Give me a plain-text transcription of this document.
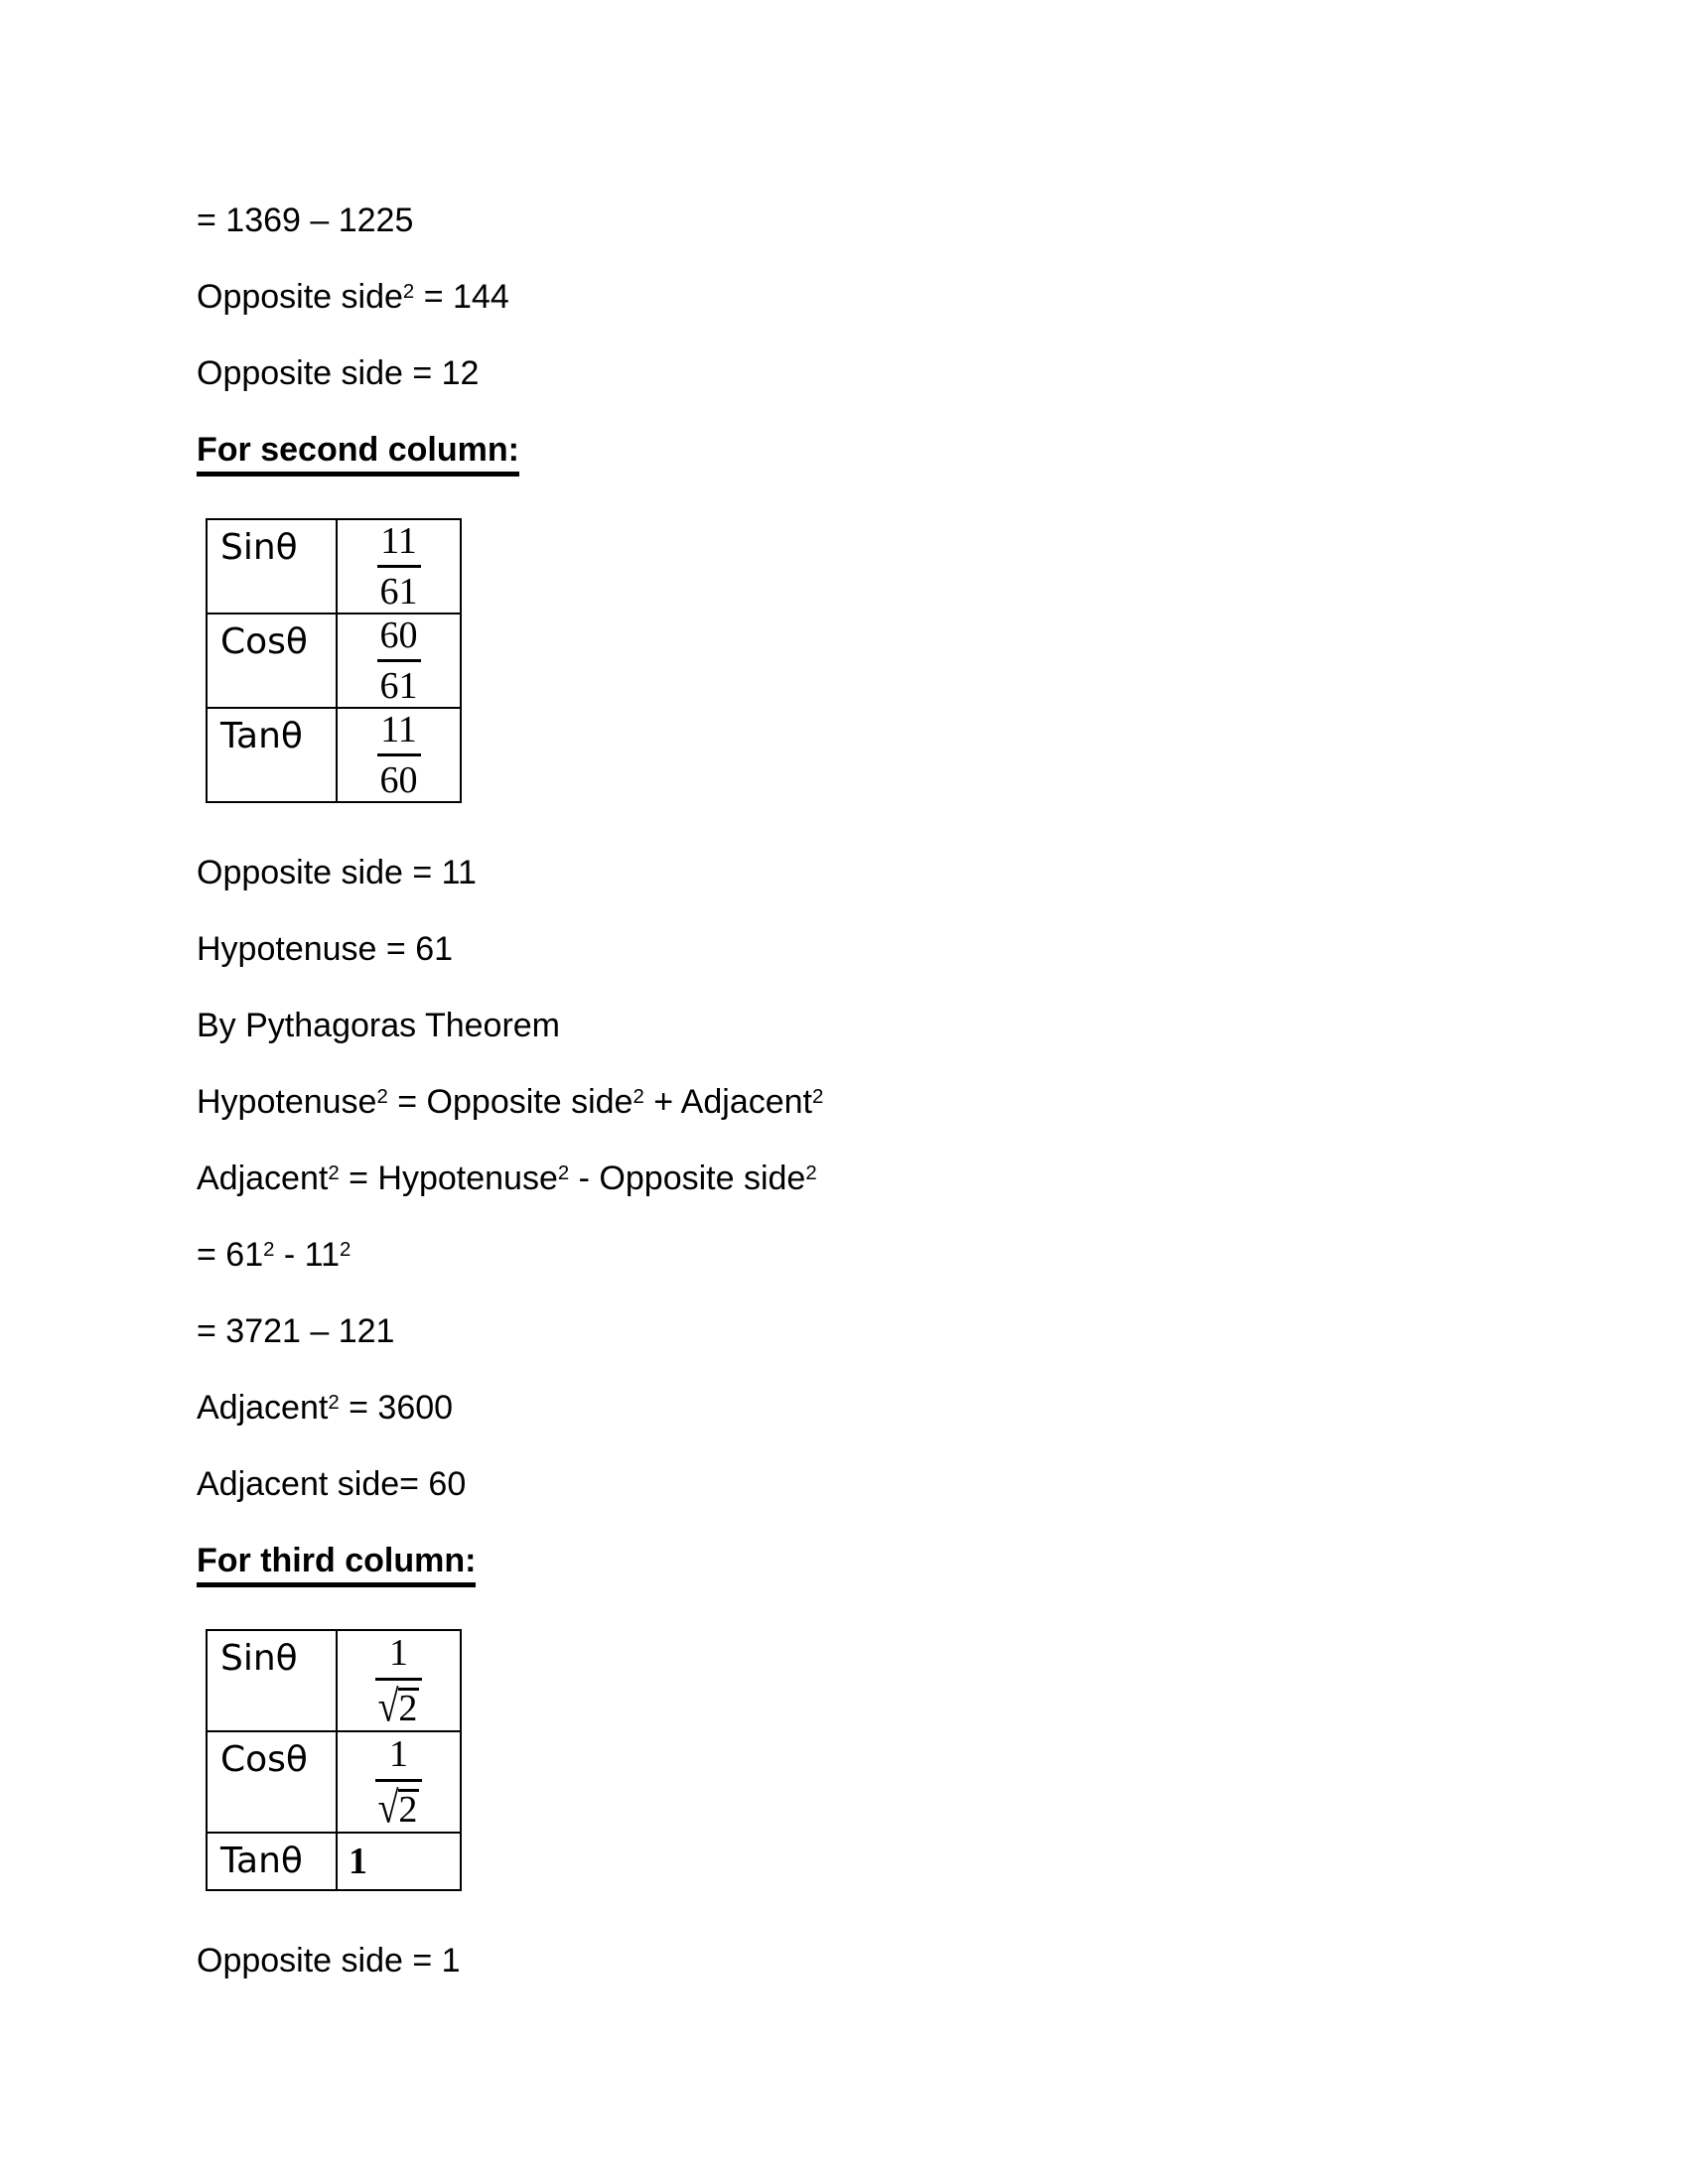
= 1369 – 1225

Opposite side$^2$ = 144

Opposite side = 12

For second column:

Sinθ	$\frac{11}{61}$

Cosθ	$\frac{60}{61}$

Tanθ	$\frac{11}{60}$

Opposite side = 11

Hypotenuse = 61

By Pythagoras Theorem

Hypotenuse$^2$ = Opposite side$^2$ + Adjacent$^2$

Adjacent$^2$ = Hypotenuse$^2$ - Opposite side$^2$

= $61^2 - 11^2$

= 3721 – 121

Adjacent$^2$ = 3600

Adjacent side= 60

For third column:

Sinθ	$\frac{1}{√2}$

Cosθ	$\frac{1}{√2}$

Tanθ	1

Opposite side = 1
